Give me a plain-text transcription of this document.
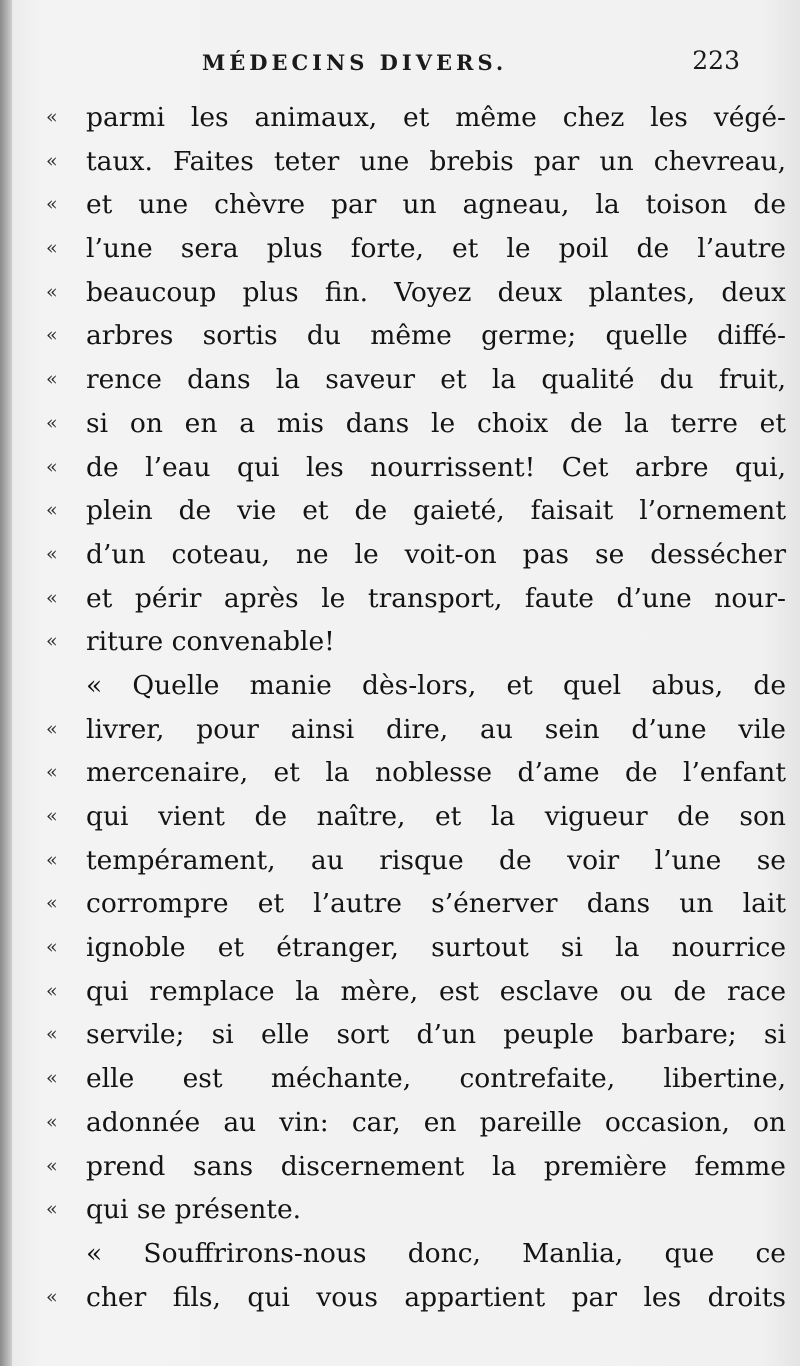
MÉDECINS DIVERS.	223
«	parmi les animaux, et même chez les végé-
«	taux. Faites teter une brebis par un chevreau,
«	et une chèvre par un agneau, la toison de
«	l’une sera plus forte, et le poil de l’autre
«	beaucoup plus fin. Voyez deux plantes, deux
«	arbres sortis du même germe; quelle diffé-
«	rence dans la saveur et la qualité du fruit,
«	si on en a mis dans le choix de la terre et
«	de l’eau qui les nourrissent! Cet arbre qui,
«	plein de vie et de gaieté, faisait l’ornement
«	d’un coteau, ne le voit-on pas se dessécher
«	et périr après le transport, faute d’une nour-
«	riture convenable!
« Quelle manie dès-lors, et quel abus, de
«	livrer, pour ainsi dire, au sein d’une vile
«	mercenaire, et la noblesse d’ame de l’enfant
«	qui vient de naître, et la vigueur de son
«	tempérament, au risque de voir l’une se
«	corrompre et l’autre s’énerver dans un lait
«	ignoble et étranger, surtout si la nourrice
«	qui remplace la mère, est esclave ou de race
«	servile; si elle sort d’un peuple barbare; si
«	elle est méchante, contrefaite, libertine,
«	adonnée au vin: car, en pareille occasion, on
«	prend sans discernement la première femme
«	qui se présente.
« Souffrirons-nous donc, Manlia, que ce
«	cher fils, qui vous appartient par les droits
